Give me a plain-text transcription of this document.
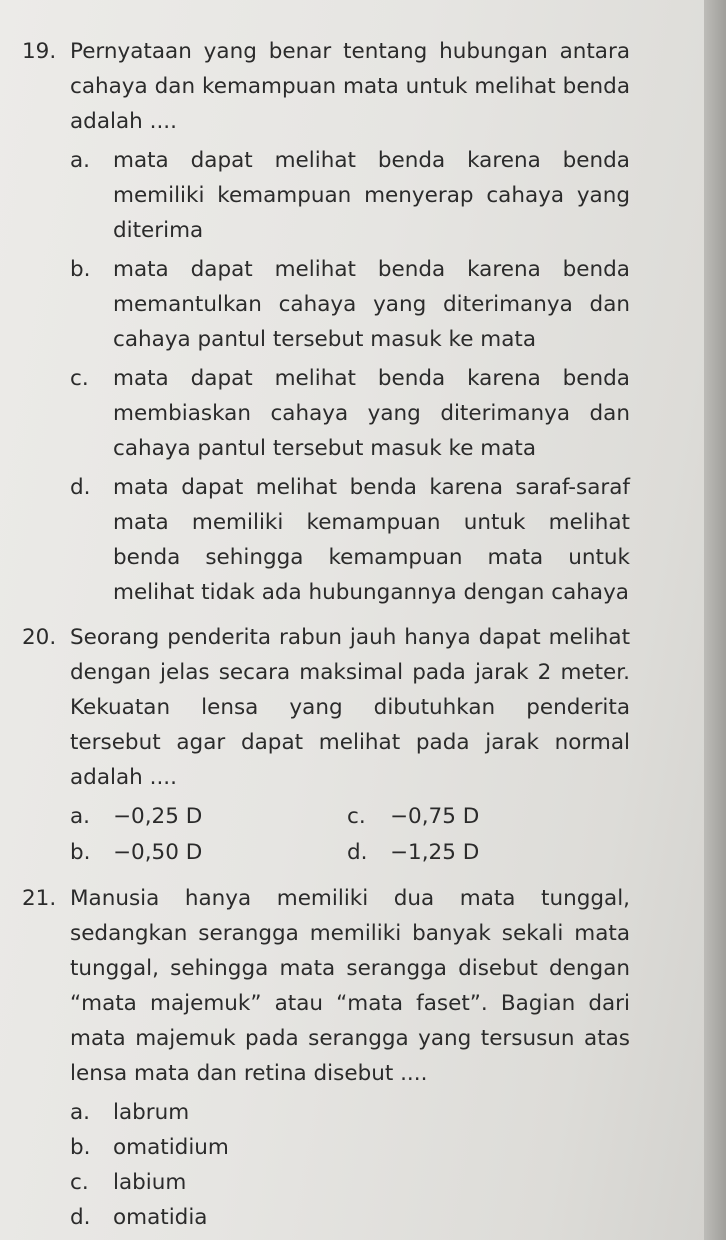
19. Pernyataan yang benar tentang hubungan antara cahaya dan kemampuan mata untuk melihat benda adalah ....
a.	mata dapat melihat benda karena benda memiliki kemampuan menyerap cahaya yang diterima
b.	mata dapat melihat benda karena benda memantulkan cahaya yang diterimanya dan cahaya pantul tersebut masuk ke mata
c.	mata dapat melihat benda karena benda membiaskan cahaya yang diterimanya dan cahaya pantul tersebut masuk ke mata
d.	mata dapat melihat benda karena saraf-saraf mata memiliki kemampuan untuk melihat benda sehingga kemampuan mata untuk melihat tidak ada hubungannya dengan cahaya
20. Seorang penderita rabun jauh hanya dapat melihat dengan jelas secara maksimal pada jarak 2 meter. Kekuatan lensa yang dibutuhkan penderita tersebut agar dapat melihat pada jarak normal adalah ....
a.	−0,25 D	c.	−0,75 D
b.	−0,50 D	d.	−1,25 D
21. Manusia hanya memiliki dua mata tunggal, sedangkan serangga memiliki banyak sekali mata tunggal, sehingga mata serangga disebut dengan “mata majemuk” atau “mata faset”. Bagian dari mata majemuk pada serangga yang tersusun atas lensa mata dan retina disebut ....
a.	labrum
b.	omatidium
c.	labium
d.	omatidia
